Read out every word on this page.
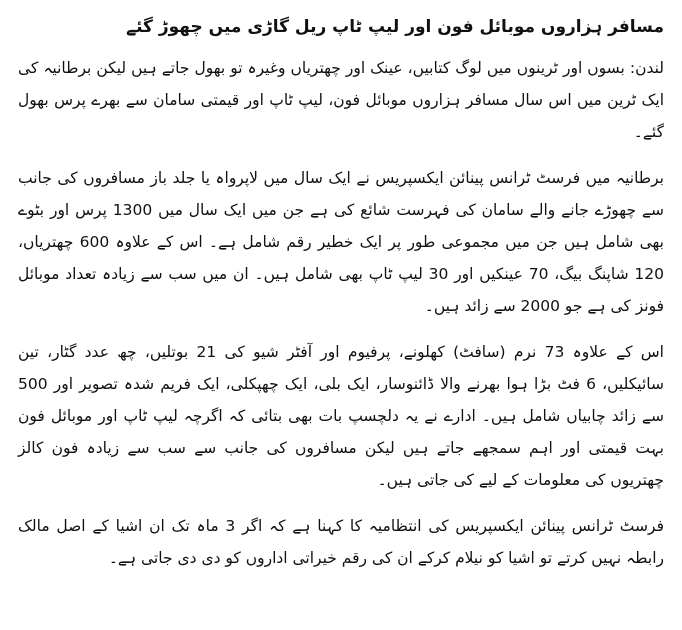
مسافر ہزاروں موبائل فون اور لیپ ٹاپ ریل گاڑی میں چھوڑ گئے

لندن: بسوں اور ٹرینوں میں لوگ کتابیں، عینک اور چھتریاں وغیرہ تو بھول جاتے ہیں لیکن برطانیہ کی ایک ٹرین میں اس سال مسافر ہزاروں موبائل فون، لیپ ٹاپ اور قیمتی سامان سے بھرے پرس بھول گئے۔

برطانیہ میں فرسٹ ٹرانس پینائن ایکسپریس نے ایک سال میں لاپرواہ یا جلد باز مسافروں کی جانب سے چھوڑے جانے والے سامان کی فہرست شائع کی ہے جن میں ایک سال میں 1300 پرس اور بٹوے بھی شامل ہیں جن میں مجموعی طور پر ایک خطیر رقم شامل ہے۔ اس کے علاوہ 600 چھتریاں، 120 شاپنگ بیگ، 70 عینکیں اور 30 لیپ ٹاپ بھی شامل ہیں۔ ان میں سب سے زیادہ تعداد موبائل فونز کی ہے جو 2000 سے زائد ہیں۔

اس کے علاوہ 73 نرم (سافٹ) کھلونے، پرفیوم اور آفٹر شیو کی 21 بوتلیں، چھ عدد گٹار، تین سائیکلیں، 6 فٹ بڑا ہوا بھرنے والا ڈائنوسار، ایک بلی، ایک چھپکلی، ایک فریم شدہ تصویر اور 500 سے زائد چابیاں شامل ہیں۔ ادارے نے یہ دلچسپ بات بھی بتائی کہ اگرچہ لیپ ٹاپ اور موبائل فون بہت قیمتی اور اہم سمجھے جاتے ہیں لیکن مسافروں کی جانب سے سب سے زیادہ فون کالز چھتریوں کی معلومات کے لیے کی جاتی ہیں۔

فرسٹ ٹرانس پینائن ایکسپریس کی انتظامیہ کا کہنا ہے کہ اگر 3 ماہ تک ان اشیا کے اصل مالک رابطہ نہیں کرتے تو اشیا کو نیلام کرکے ان کی رقم خیراتی اداروں کو دی دی جاتی ہے۔
